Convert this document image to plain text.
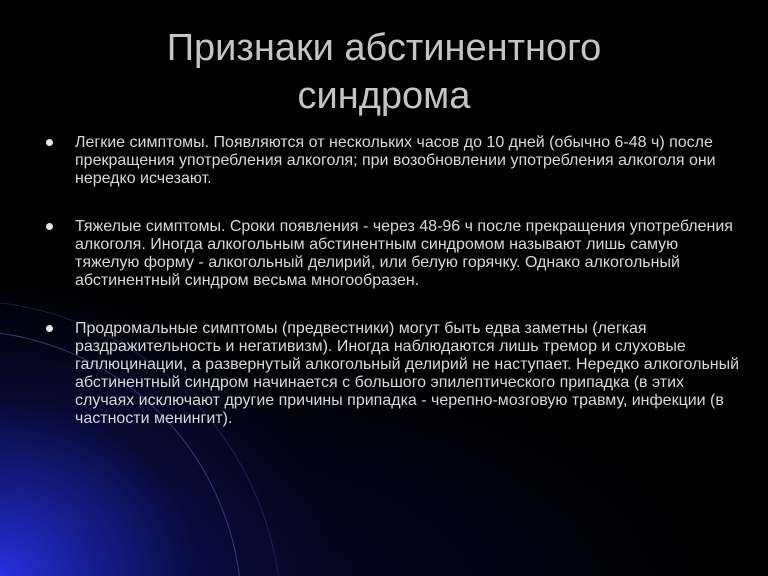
Признаки абстинентного
синдрома

Легкие симптомы. Появляются от нескольких часов до 10 дней (обычно 6-48 ч) после прекращения употребления алкоголя; при возобновлении употребления алкоголя они нередко исчезают.

Тяжелые симптомы. Сроки появления - через 48-96 ч после прекращения употребления алкоголя. Иногда алкогольным абстинентным синдромом называют лишь самую тяжелую форму - алкогольный делирий, или белую горячку. Однако алкогольный абстинентный синдром весьма многообразен.

Продромальные симптомы (предвестники) могут быть едва заметны (легкая раздражительность и негативизм). Иногда наблюдаются лишь тремор и слуховые галлюцинации, а развернутый алкогольный делирий не наступает. Нередко алкогольный абстинентный синдром начинается с большого эпилептического припадка (в этих случаях исключают другие причины припадка - черепно-мозговую травму, инфекции (в частности менингит).
